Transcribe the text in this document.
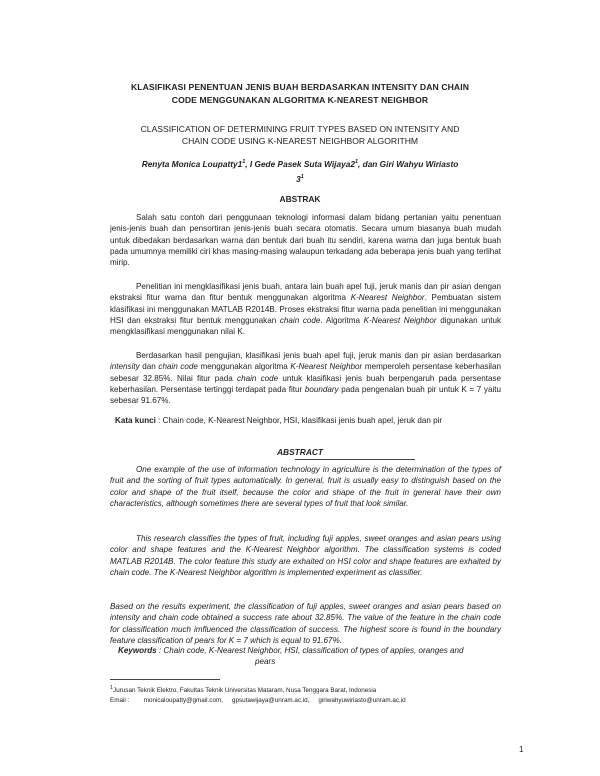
KLASIFIKASI PENENTUAN JENIS BUAH BERDASARKAN INTENSITY DAN CHAIN
CODE MENGGUNAKAN ALGORITMA K-NEAREST NEIGHBOR
CLASSIFICATION OF DETERMINING FRUIT TYPES BASED ON INTENSITY AND
CHAIN CODE USING K-NEAREST NEIGHBOR ALGORITHM
Renyta Monica $Loupatty1^1$, I Gede Pasek Suta $Wijaya2^1$, dan Giri Wahyu Wiriasto
$3^1$
ABSTRAK
Salah satu contoh dari penggunaan teknologi informasi dalam bidang pertanian yaitu penentuan jenis-jenis buah dan pensortiran jenis-jenis buah secara otomatis. Secara umum biasanya buah mudah untuk dibedakan berdasarkan warna dan bentuk dari buah itu sendiri, karena warna dan juga bentuk buah pada umumnya memiliki ciri khas masing-masing walaupun terkadang ada beberapa jenis buah yang terlihat mirip.
Penelitian ini mengklasifikasi jenis buah, antara lain buah apel fuji, jeruk manis dan pir asian dengan ekstraksi fitur warna dan fitur bentuk menggunakan algoritma K-Nearest Neighbor. Pembuatan sistem klasifikasi ini menggunakan MATLAB R2014B. Proses ekstraksi fitur warna pada penelitian ini menggunakan HSI dan ekstraksi fitur bentuk menggunakan chain code. Algoritma K-Nearest Neighbor digunakan untuk mengklasifikasi menggunakan nilai K.
Berdasarkan hasil pengujian, klasifikasi jenis buah apel fuji, jeruk manis dan pir asian berdasarkan intensity dan chain code menggunakan algoritma K-Nearest Neighbor memperoleh persentase keberhasilan sebesar 32.85%. Nilai fitur pada chain code untuk klasifikasi jenis buah berpengaruh pada persentase keberhasilan. Persentase tertinggi terdapat pada fitur boundary pada pengenalan buah pir untuk K = 7 yaitu sebesar 91.67%.
Kata kunci : Chain code, K-Nearest Neighbor, HSI, klasifikasi jenis buah apel, jeruk dan pir
ABSTRACT
One example of the use of information technology in agriculture is the determination of the types of fruit and the sorting of fruit types automatically. In general, fruit is usually easy to distinguish based on the color and shape of the fruit itself, because the color and shape of the fruit in general have their own characteristics, although sometimes there are several types of fruit that look similar.
This research classifies the types of fruit, including fuji apples, sweet oranges and asian pears using color and shape features and the K-Nearest Neighbor algorithm. The classification systems is coded MATLAB R2014B. The color feature this study are exhaited on HSI color and shape features are exhaited by chain code. The K-Nearest Neighbor algorithm is implemented experiment as classifier.
Based on the results experiment, the classification of fuji apples, sweet oranges and asian pears based on intensity and chain code obtained a success rate about 32.85%. The value of the feature in the chain code for classification much imfluenced the classification of success. The highest score is found in the boundary feature classification of pears for K = 7 which is equal to 91.67%.
Keywords : Chain code, K-Nearest Neighbor, HSI, classification of types of apples, oranges and
pears
$^1$Jurusan Teknik Elektro, Fakultas Teknik Universitas Mataram, Nusa Tenggara Barat, Indonesia
Email : monicaloupatty@gmail.com, gpsutawijaya@unram.ac.id, giriwahyuwiriasto@unram.ac.id
1
